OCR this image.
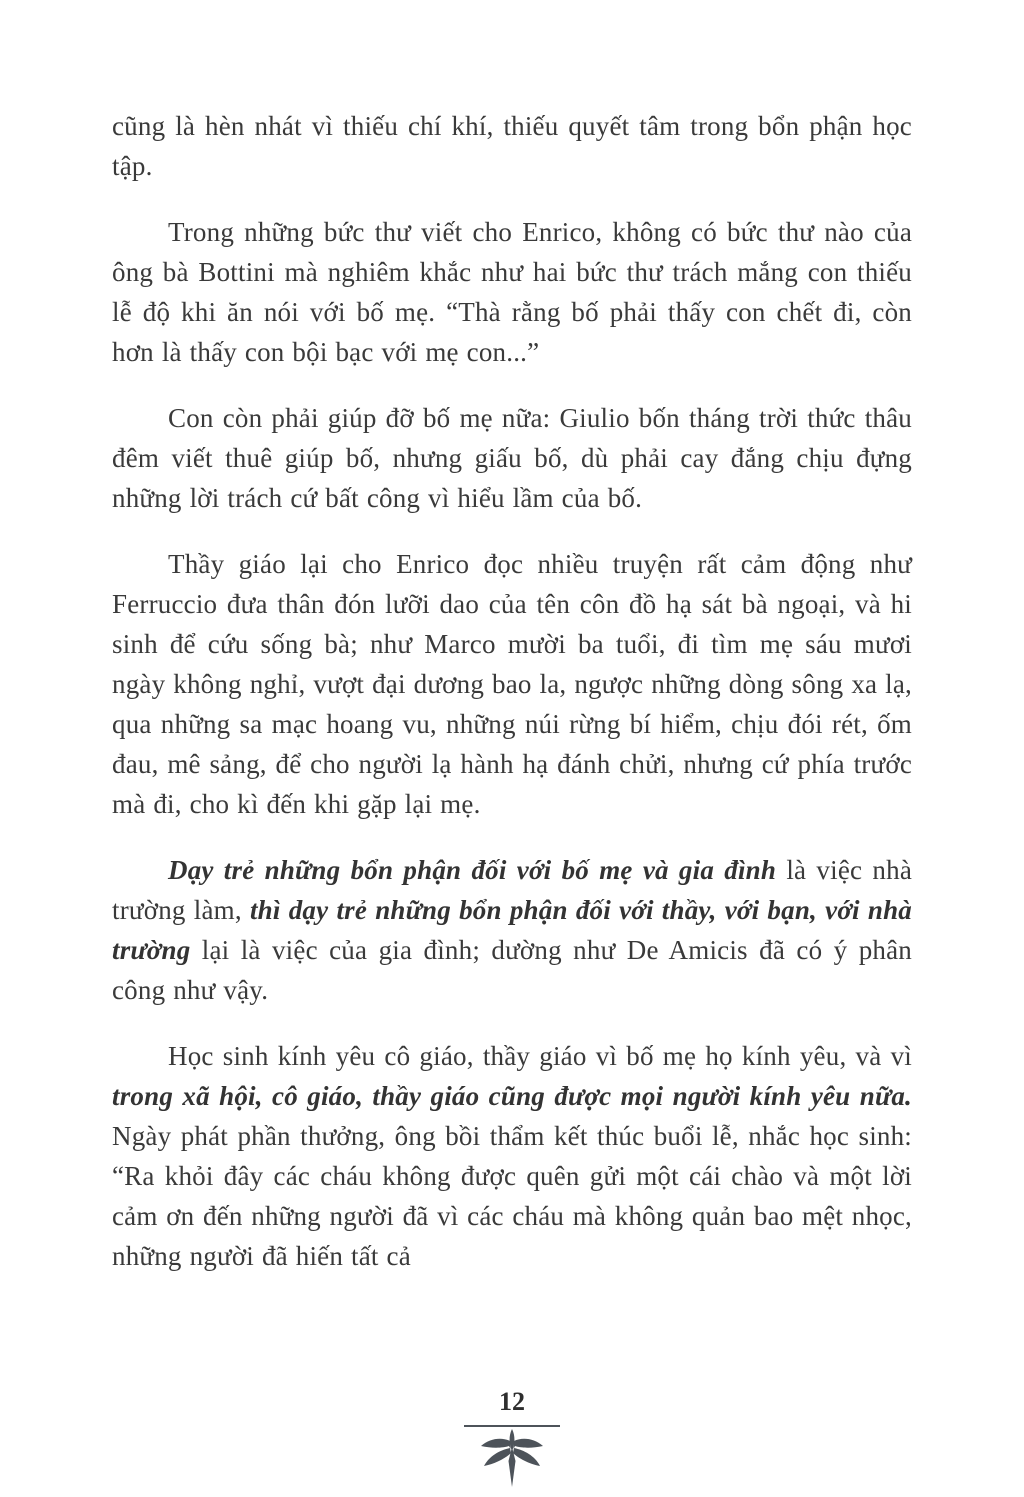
cũng là hèn nhát vì thiếu chí khí, thiếu quyết tâm trong bổn phận học tập.

Trong những bức thư viết cho Enrico, không có bức thư nào của ông bà Bottini mà nghiêm khắc như hai bức thư trách mắng con thiếu lễ độ khi ăn nói với bố mẹ. “Thà rằng bố phải thấy con chết đi, còn hơn là thấy con bội bạc với mẹ con...”

Con còn phải giúp đỡ bố mẹ nữa: Giulio bốn tháng trời thức thâu đêm viết thuê giúp bố, nhưng giấu bố, dù phải cay đắng chịu đựng những lời trách cứ bất công vì hiểu lầm của bố.

Thầy giáo lại cho Enrico đọc nhiều truyện rất cảm động như Ferruccio đưa thân đón lưỡi dao của tên côn đồ hạ sát bà ngoại, và hi sinh để cứu sống bà; như Marco mười ba tuổi, đi tìm mẹ sáu mươi ngày không nghỉ, vượt đại dương bao la, ngược những dòng sông xa lạ, qua những sa mạc hoang vu, những núi rừng bí hiểm, chịu đói rét, ốm đau, mê sảng, để cho người lạ hành hạ đánh chửi, nhưng cứ phía trước mà đi, cho kì đến khi gặp lại mẹ.

Dạy trẻ những bổn phận đối với bố mẹ và gia đình là việc nhà trường làm, thì dạy trẻ những bổn phận đối với thầy, với bạn, với nhà trường lại là việc của gia đình; dường như De Amicis đã có ý phân công như vậy.

Học sinh kính yêu cô giáo, thầy giáo vì bố mẹ họ kính yêu, và vì trong xã hội, cô giáo, thầy giáo cũng được mọi người kính yêu nữa. Ngày phát phần thưởng, ông bồi thẩm kết thúc buổi lễ, nhắc học sinh: “Ra khỏi đây các cháu không được quên gửi một cái chào và một lời cảm ơn đến những người đã vì các cháu mà không quản bao mệt nhọc, những người đã hiến tất cả

12
